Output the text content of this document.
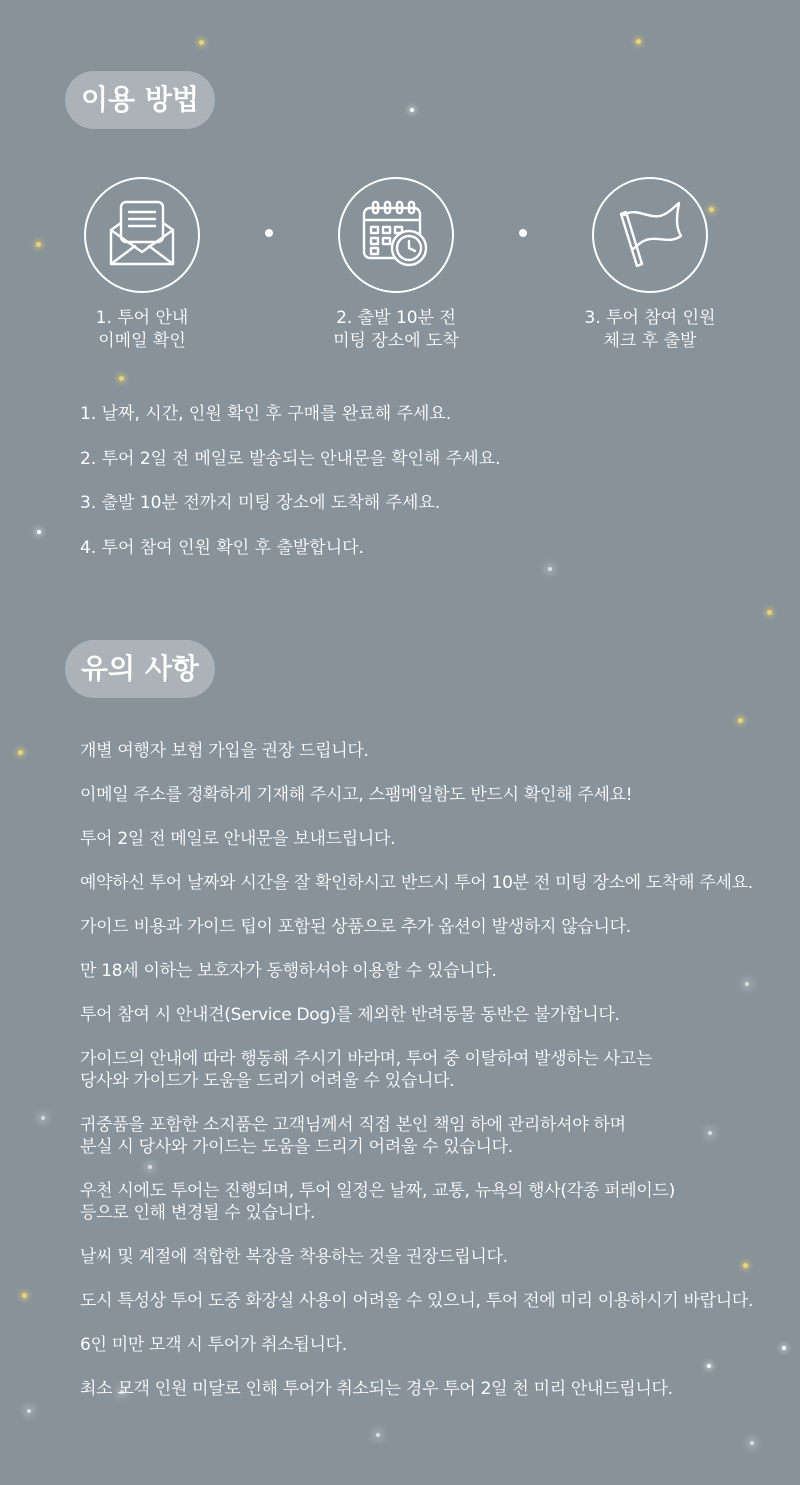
이용 방법
1. 투어 안내
이메일 확인
2. 출발 10분 전
미팅 장소에 도착
3. 투어 참여 인원
체크 후 출발
1. 날짜, 시간, 인원 확인 후 구매를 완료해 주세요.
2. 투어 2일 전 메일로 발송되는 안내문을 확인해 주세요.
3. 출발 10분 전까지 미팅 장소에 도착해 주세요.
4. 투어 참여 인원 확인 후 출발합니다.
유의 사항
개별 여행자 보험 가입을 권장 드립니다.
이메일 주소를 정확하게 기재해 주시고, 스팸메일함도 반드시 확인해 주세요!
투어 2일 전 메일로 안내문을 보내드립니다.
예약하신 투어 날짜와 시간을 잘 확인하시고 반드시 투어 10분 전 미팅 장소에 도착해 주세요.
가이드 비용과 가이드 팁이 포함된 상품으로 추가 옵션이 발생하지 않습니다.
만 18세 이하는 보호자가 동행하셔야 이용할 수 있습니다.
투어 참여 시 안내견(Service Dog)를 제외한 반려동물 동반은 불가합니다.
가이드의 안내에 따라 행동해 주시기 바라며, 투어 중 이탈하여 발생하는 사고는
당사와 가이드가 도움을 드리기 어려울 수 있습니다.
귀중품을 포함한 소지품은 고객님께서 직접 본인 책임 하에 관리하셔야 하며
분실 시 당사와 가이드는 도움을 드리기 어려울 수 있습니다.
우천 시에도 투어는 진행되며, 투어 일정은 날짜, 교통, 뉴욕의 행사(각종 퍼레이드)
등으로 인해 변경될 수 있습니다.
날씨 및 계절에 적합한 복장을 착용하는 것을 권장드립니다.
도시 특성상 투어 도중 화장실 사용이 어려울 수 있으니, 투어 전에 미리 이용하시기 바랍니다.
6인 미만 모객 시 투어가 취소됩니다.
최소 모객 인원 미달로 인해 투어가 취소되는 경우 투어 2일 천 미리 안내드립니다.
